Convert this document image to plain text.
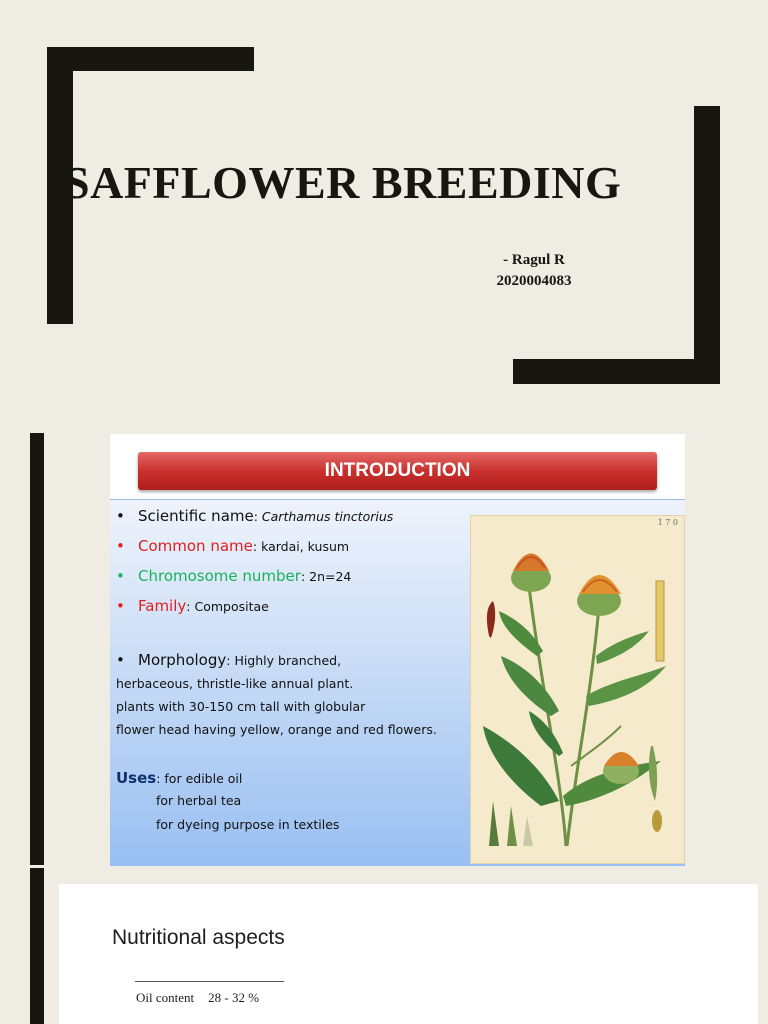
SAFFLOWER BREEDING
- Ragul R
2020004083
INTRODUCTION
• Scientific name: Carthamus tinctorius
• Common name: kardai, kusum
• Chromosome number: 2n=24
• Family: Compositae
• Morphology: Highly branched,
herbaceous, thristle-like annual plant.
plants with 30-150 cm tall with globular
flower head having yellow, orange and red flowers.
Uses: for edible oil
for herbal tea
for dyeing purpose in textiles
1 7 0
Nutritional aspects
Oil content 28 - 32 %
